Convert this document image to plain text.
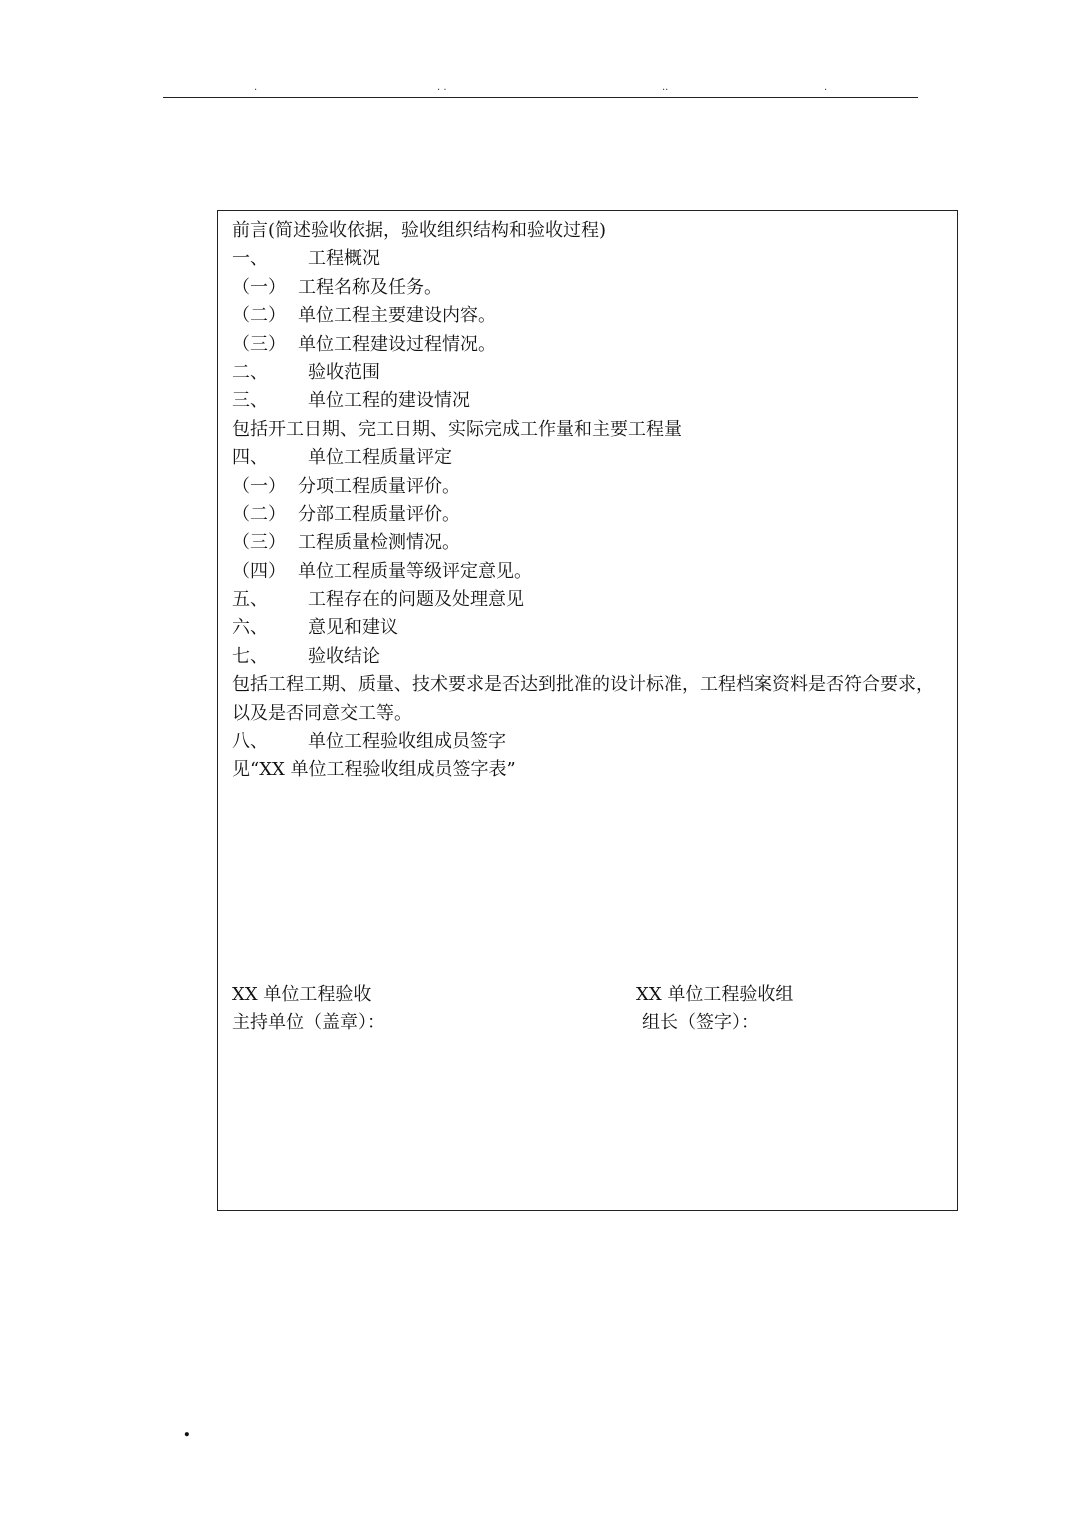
.	. .	..	.
前言(简述验收依据，验收组织结构和验收过程)
一、 工程概况
（一） 工程名称及任务。
（二） 单位工程主要建设内容。
（三） 单位工程建设过程情况。
二、 验收范围
三、 单位工程的建设情况
包括开工日期、完工日期、实际完成工作量和主要工程量
四、 单位工程质量评定
（一） 分项工程质量评价。
（二） 分部工程质量评价。
（三） 工程质量检测情况。
（四） 单位工程质量等级评定意见。
五、 工程存在的问题及处理意见
六、 意见和建议
七、 验收结论
包括工程工期、质量、技术要求是否达到批准的设计标准，工程档案资料是否符合要求，以及是否同意交工等。
八、 单位工程验收组成员签字
见“XX 单位工程验收组成员签字表”
XX 单位工程验收
主持单位（盖章）：
XX 单位工程验收组
组长（签字）：
.
